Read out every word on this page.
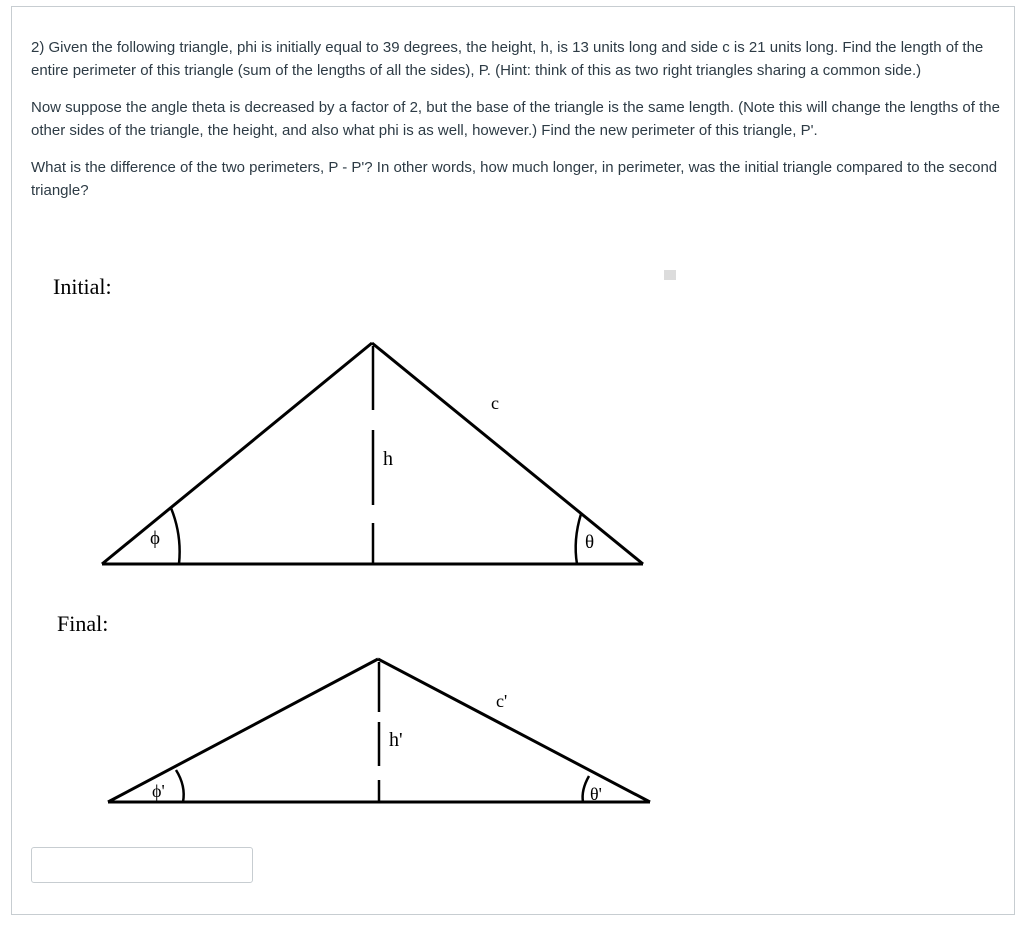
2) Given the following triangle, phi is initially equal to 39 degrees, the height, h, is 13 units long and side c is 21 units long. Find the length of the entire perimeter of this triangle (sum of the lengths of all the sides), P. (Hint: think of this as two right triangles sharing a common side.)

Now suppose the angle theta is decreased by a factor of 2, but the base of the triangle is the same length. (Note this will change the lengths of the other sides of the triangle, the height, and also what phi is as well, however.) Find the new perimeter of this triangle, P'.

What is the difference of the two perimeters, P - P'? In other words, how much longer, in perimeter, was the initial triangle compared to the second triangle?

Initial:
Final:
c
h
ϕ	θ
c'
h'
ϕ'	θ'
